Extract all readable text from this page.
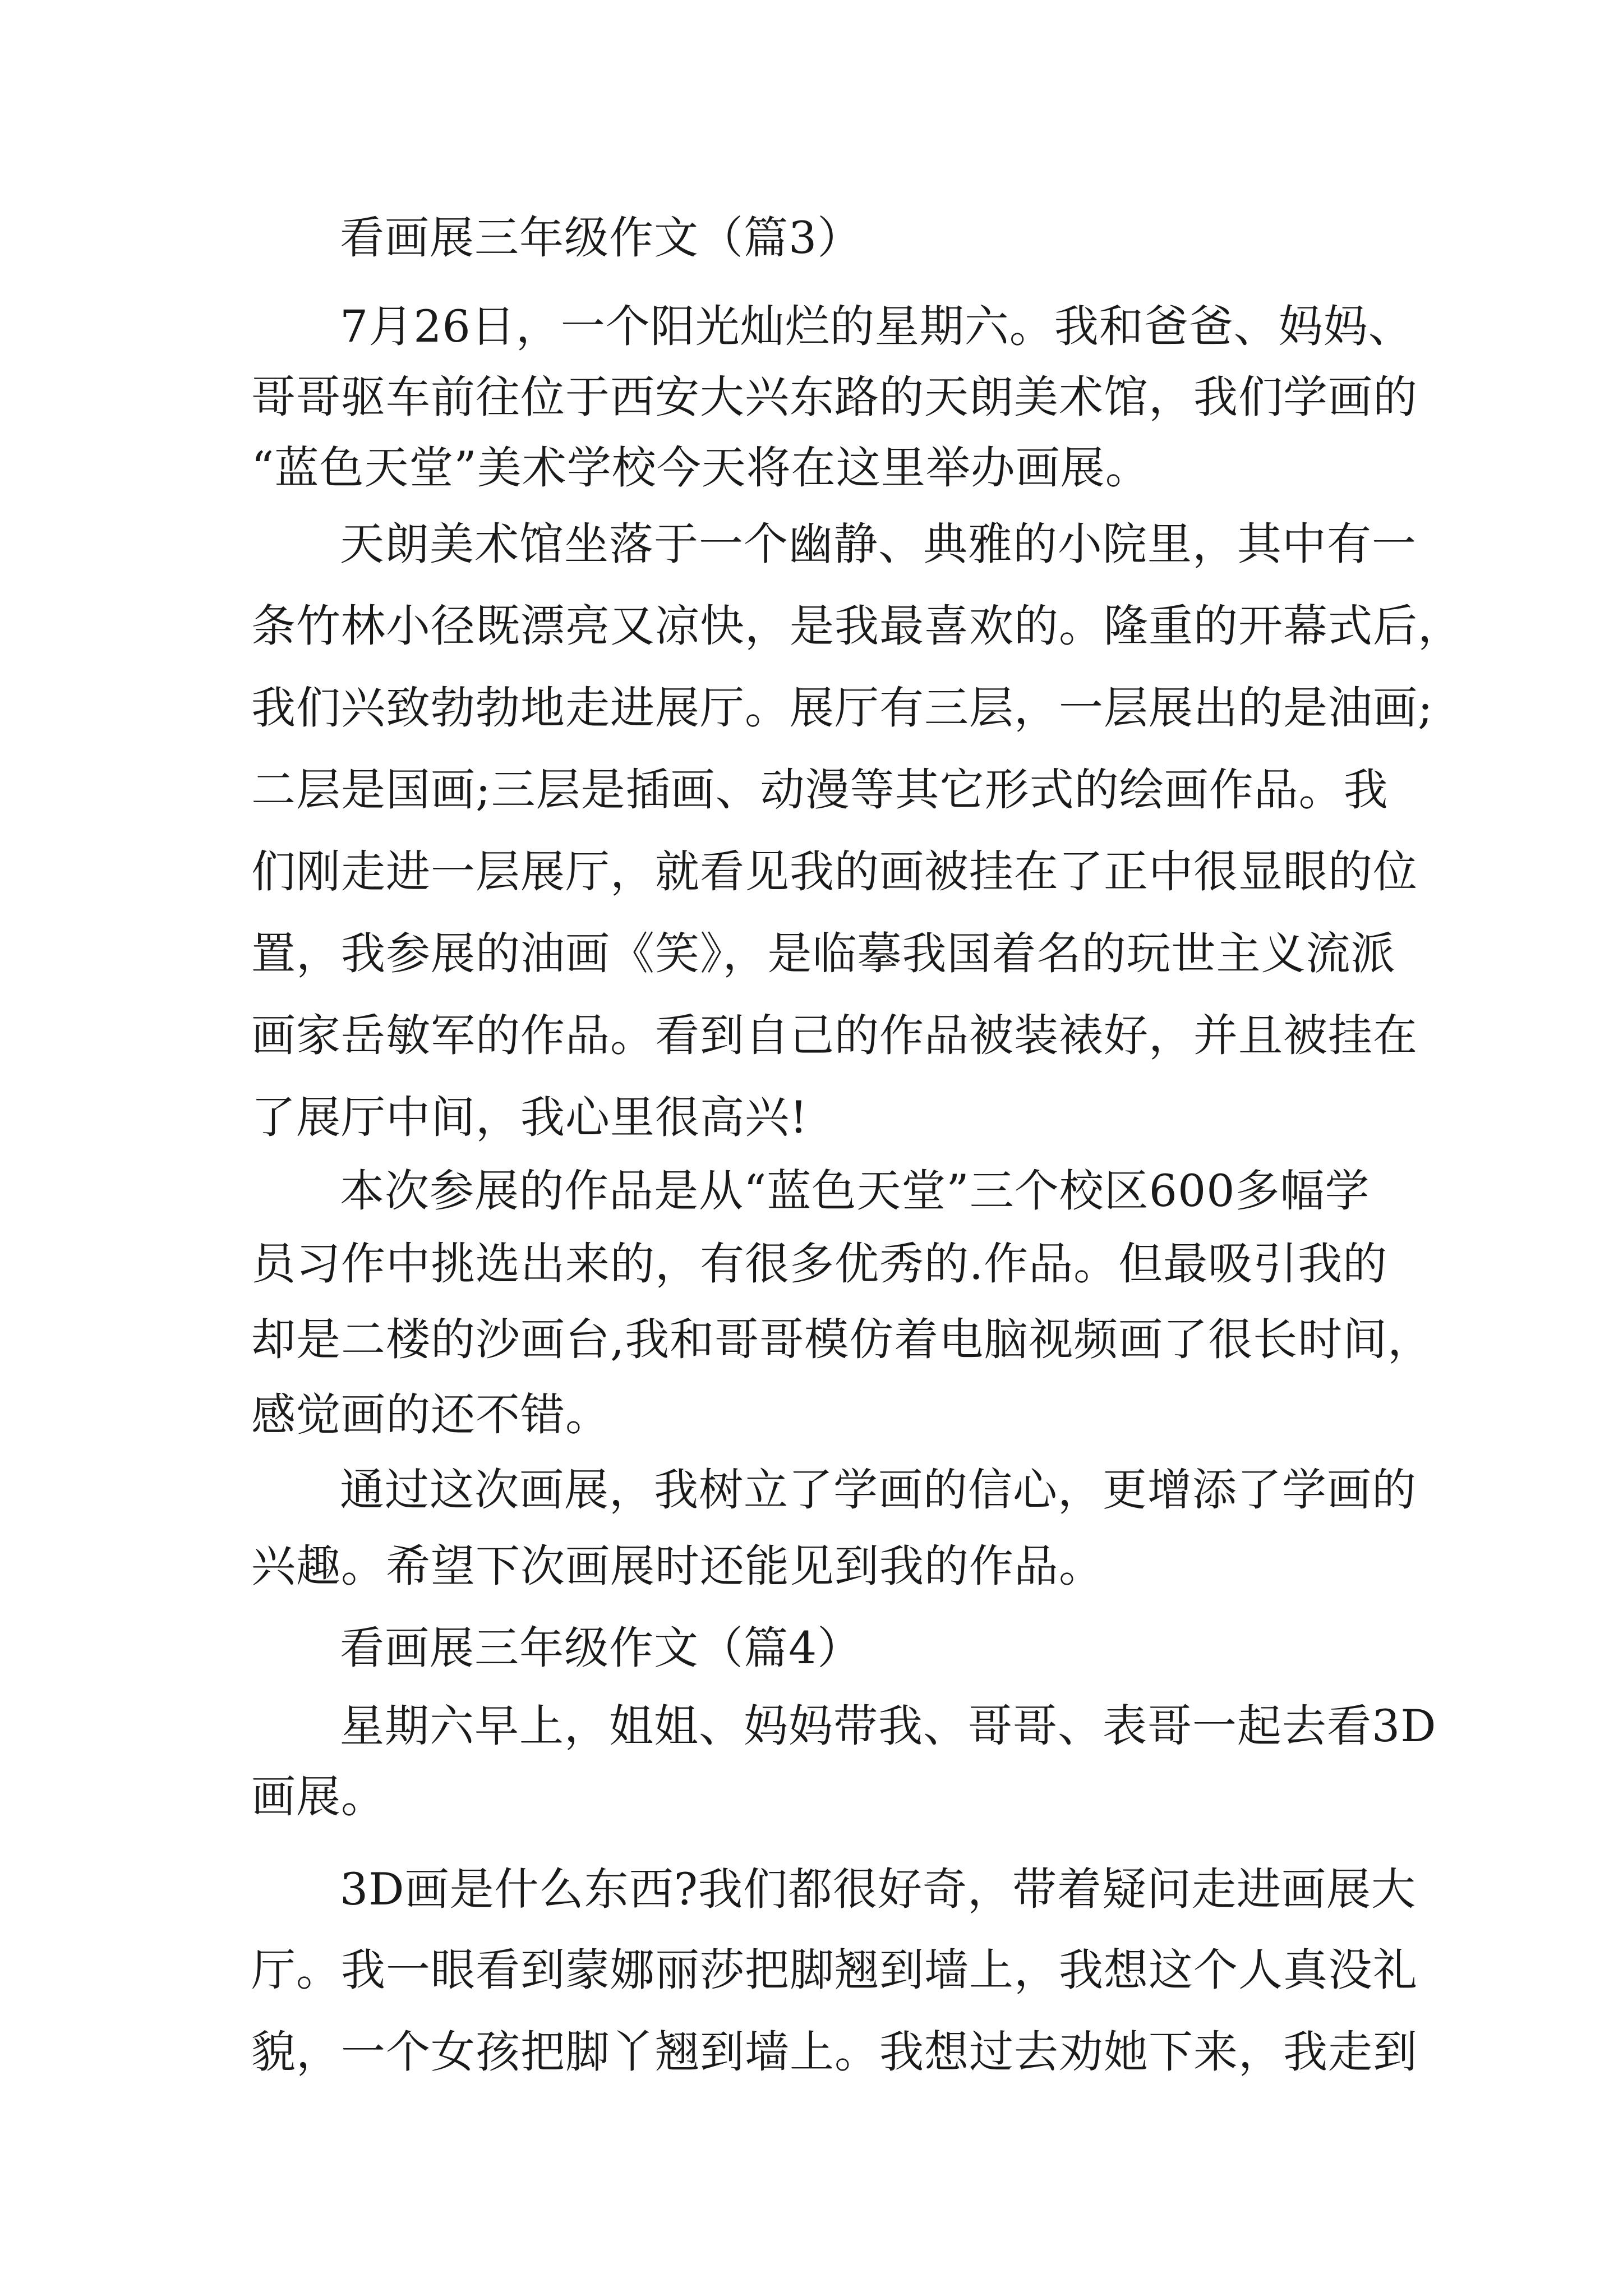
看画展三年级作文（篇3）

7月26日，一个阳光灿烂的星期六。我和爸爸、妈妈、

哥哥驱车前往位于西安大兴东路的天朗美术馆，我们学画的

“蓝色天堂”美术学校今天将在这里举办画展。

天朗美术馆坐落于一个幽静、典雅的小院里，其中有一

条竹林小径既漂亮又凉快，是我最喜欢的。隆重的开幕式后，

我们兴致勃勃地走进展厅。展厅有三层，一层展出的是油画;

二层是国画;三层是插画、动漫等其它形式的绘画作品。我

们刚走进一层展厅，就看见我的画被挂在了正中很显眼的位

置，我参展的油画《笑》，是临摹我国着名的玩世主义流派

画家岳敏军的作品。看到自己的作品被装裱好，并且被挂在

了展厅中间，我心里很高兴!

本次参展的作品是从“蓝色天堂”三个校区600多幅学

员习作中挑选出来的，有很多优秀的.作品。但最吸引我的

却是二楼的沙画台,我和哥哥模仿着电脑视频画了很长时间，

感觉画的还不错。

通过这次画展，我树立了学画的信心，更增添了学画的

兴趣。希望下次画展时还能见到我的作品。

看画展三年级作文（篇4）

星期六早上，姐姐、妈妈带我、哥哥、表哥一起去看3D

画展。

3D画是什么东西?我们都很好奇，带着疑问走进画展大

厅。我一眼看到蒙娜丽莎把脚翘到墙上，我想这个人真没礼

貌，一个女孩把脚丫翘到墙上。我想过去劝她下来，我走到
